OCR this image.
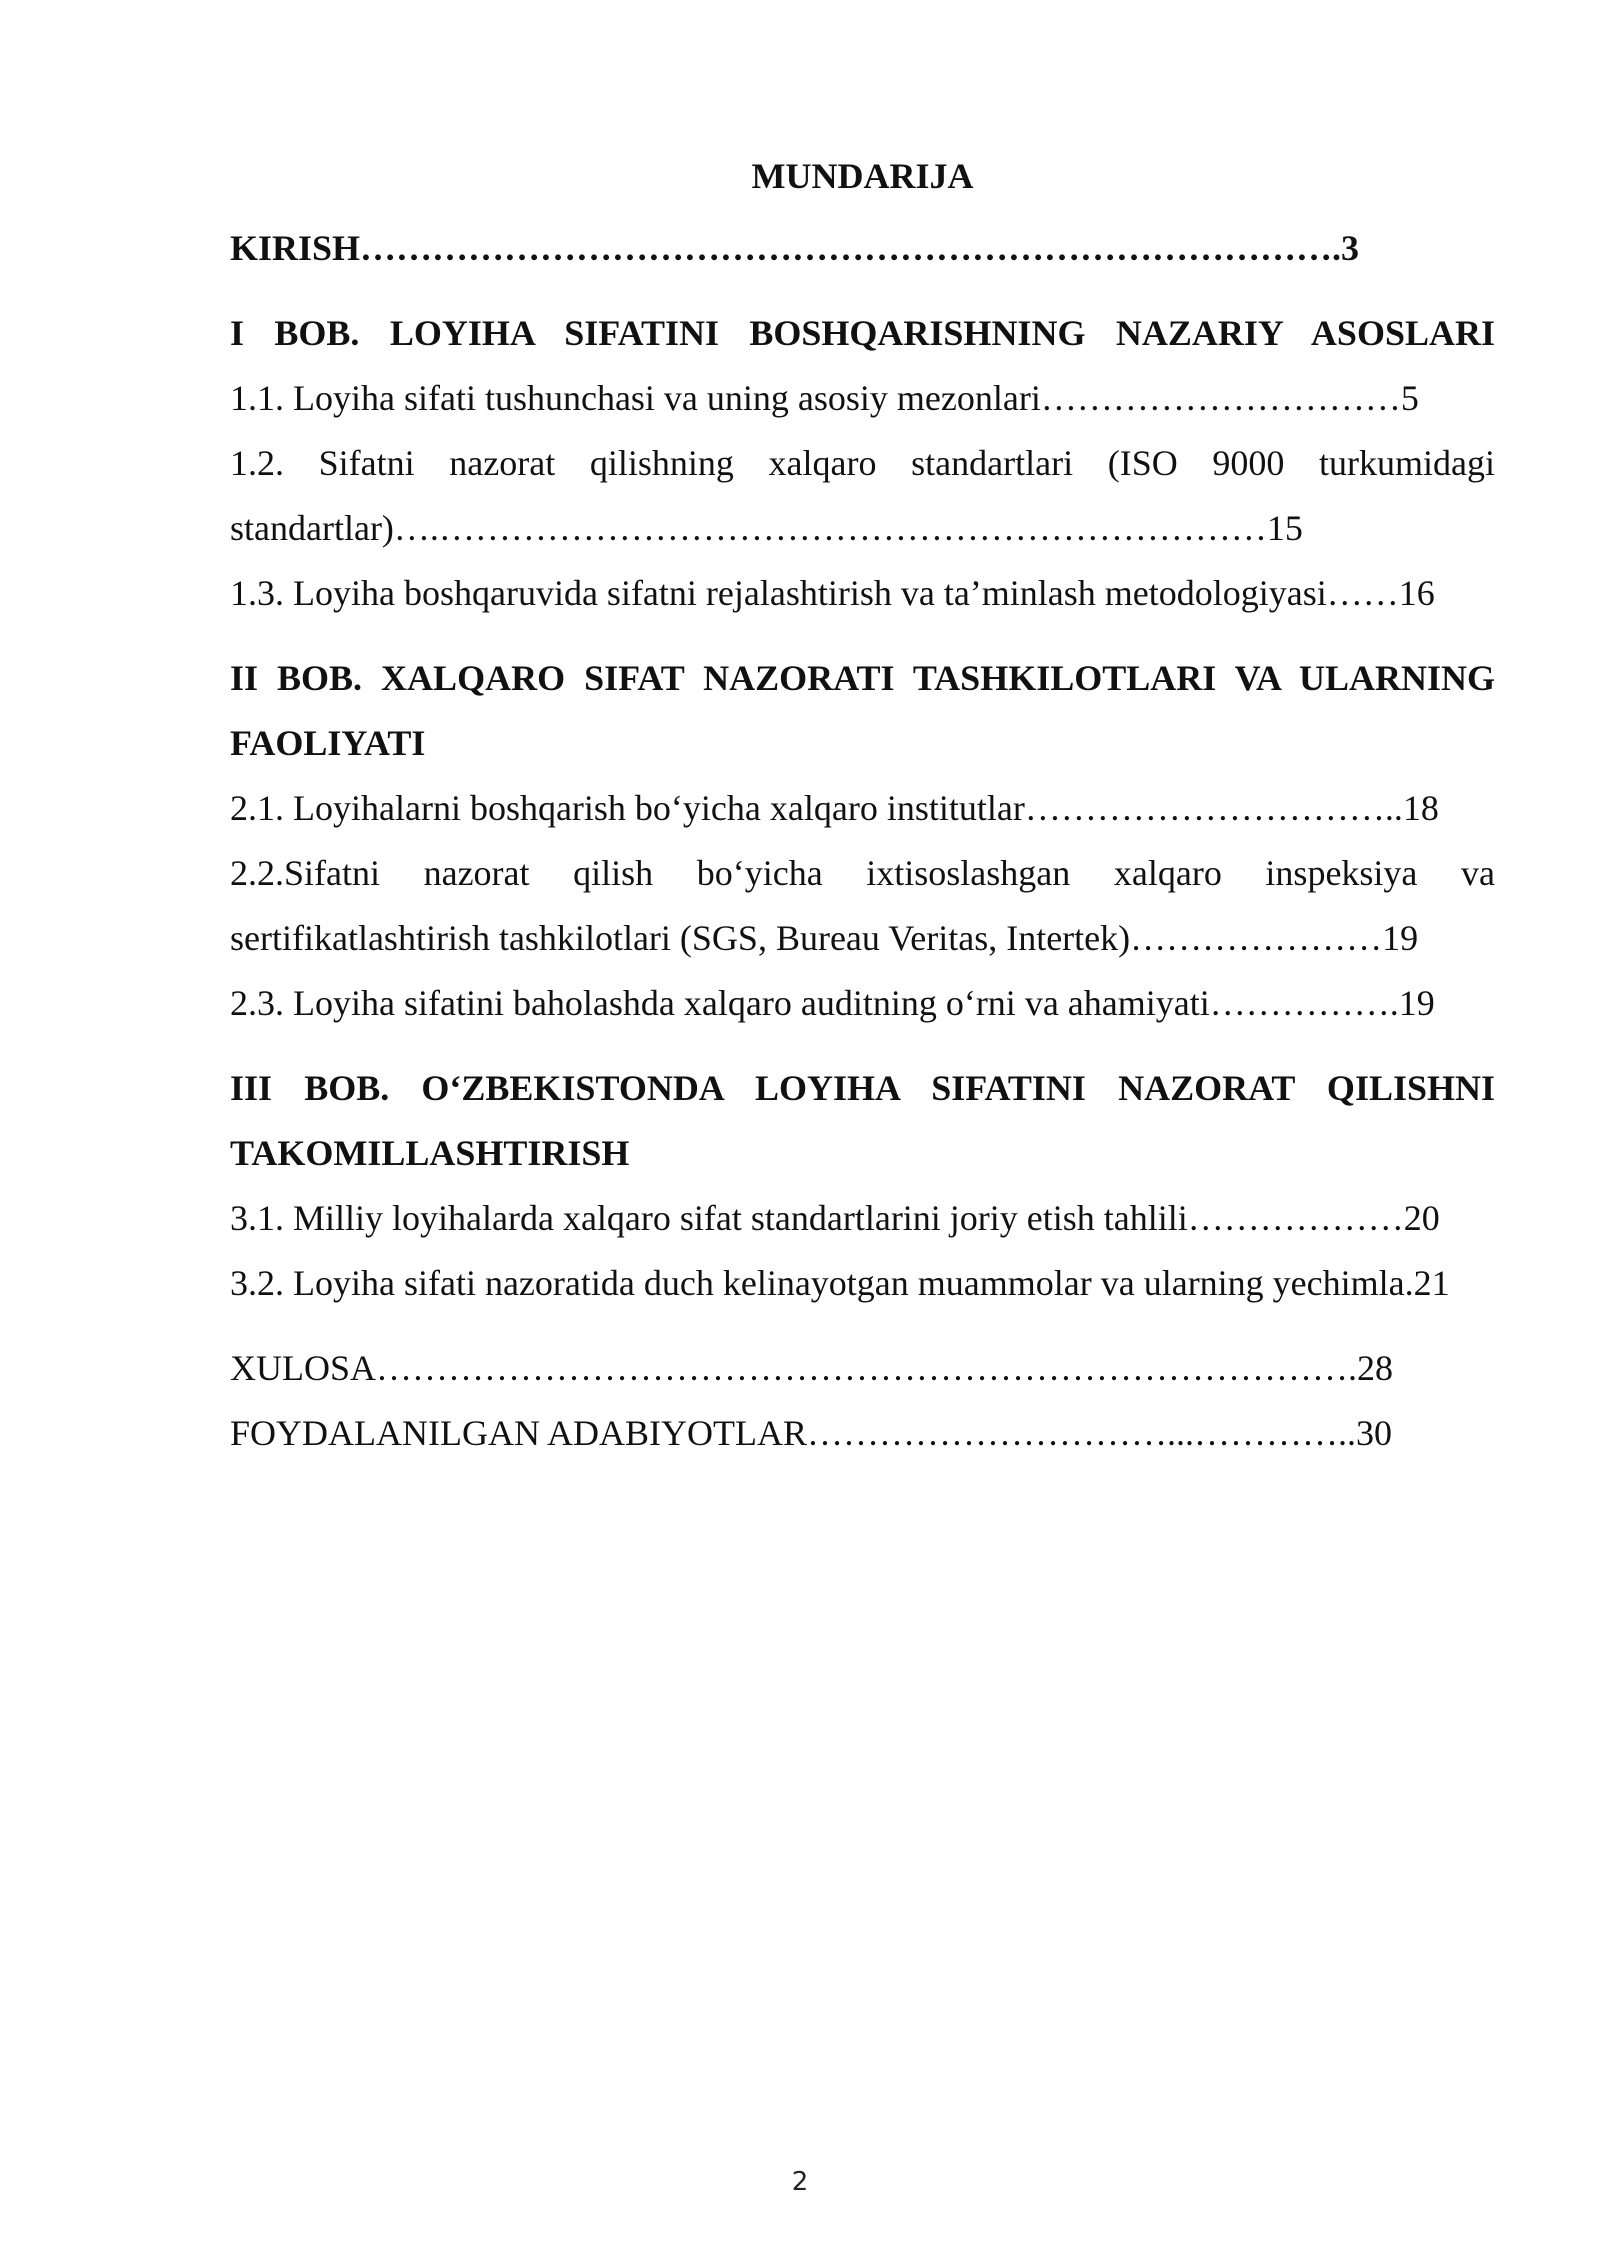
MUNDARIJA
KIRISH……………………………………………………………………….3
I BOB. LOYIHA SIFATINI BOSHQARISHNING NAZARIY ASOSLARI
1.1. Loyiha sifati tushunchasi va uning asosiy mezonlari…………………………5
1.2. Sifatni nazorat qilishning xalqaro standartlari (ISO 9000 turkumidagi
standartlar)….……………………………………………………………15
1.3. Loyiha boshqaruvida sifatni rejalashtirish va ta’minlash metodologiyasi……16
II BOB. XALQARO SIFAT NAZORATI TASHKILOTLARI VA ULARNING
FAOLIYATI
2.1. Loyihalarni boshqarish bo‘yicha xalqaro institutlar…………………………..18
2.2.Sifatni nazorat qilish bo‘yicha ixtisoslashgan xalqaro inspeksiya va
sertifikatlashtirish tashkilotlari (SGS, Bureau Veritas, Intertek)…………………19
2.3. Loyiha sifatini baholashda xalqaro auditning o‘rni va ahamiyati…………….19
III BOB. O‘ZBEKISTONDA LOYIHA SIFATINI NAZORAT QILISHNI
TAKOMILLASHTIRISH
3.1. Milliy loyihalarda xalqaro sifat standartlarini joriy etish tahlili………………20
3.2. Loyiha sifati nazoratida duch kelinayotgan muammolar va ularning yechimla.21
XULOSA……………………………………………………………………….28
FOYDALANILGAN ADABIYOTLAR…………………………...…………..30
2
